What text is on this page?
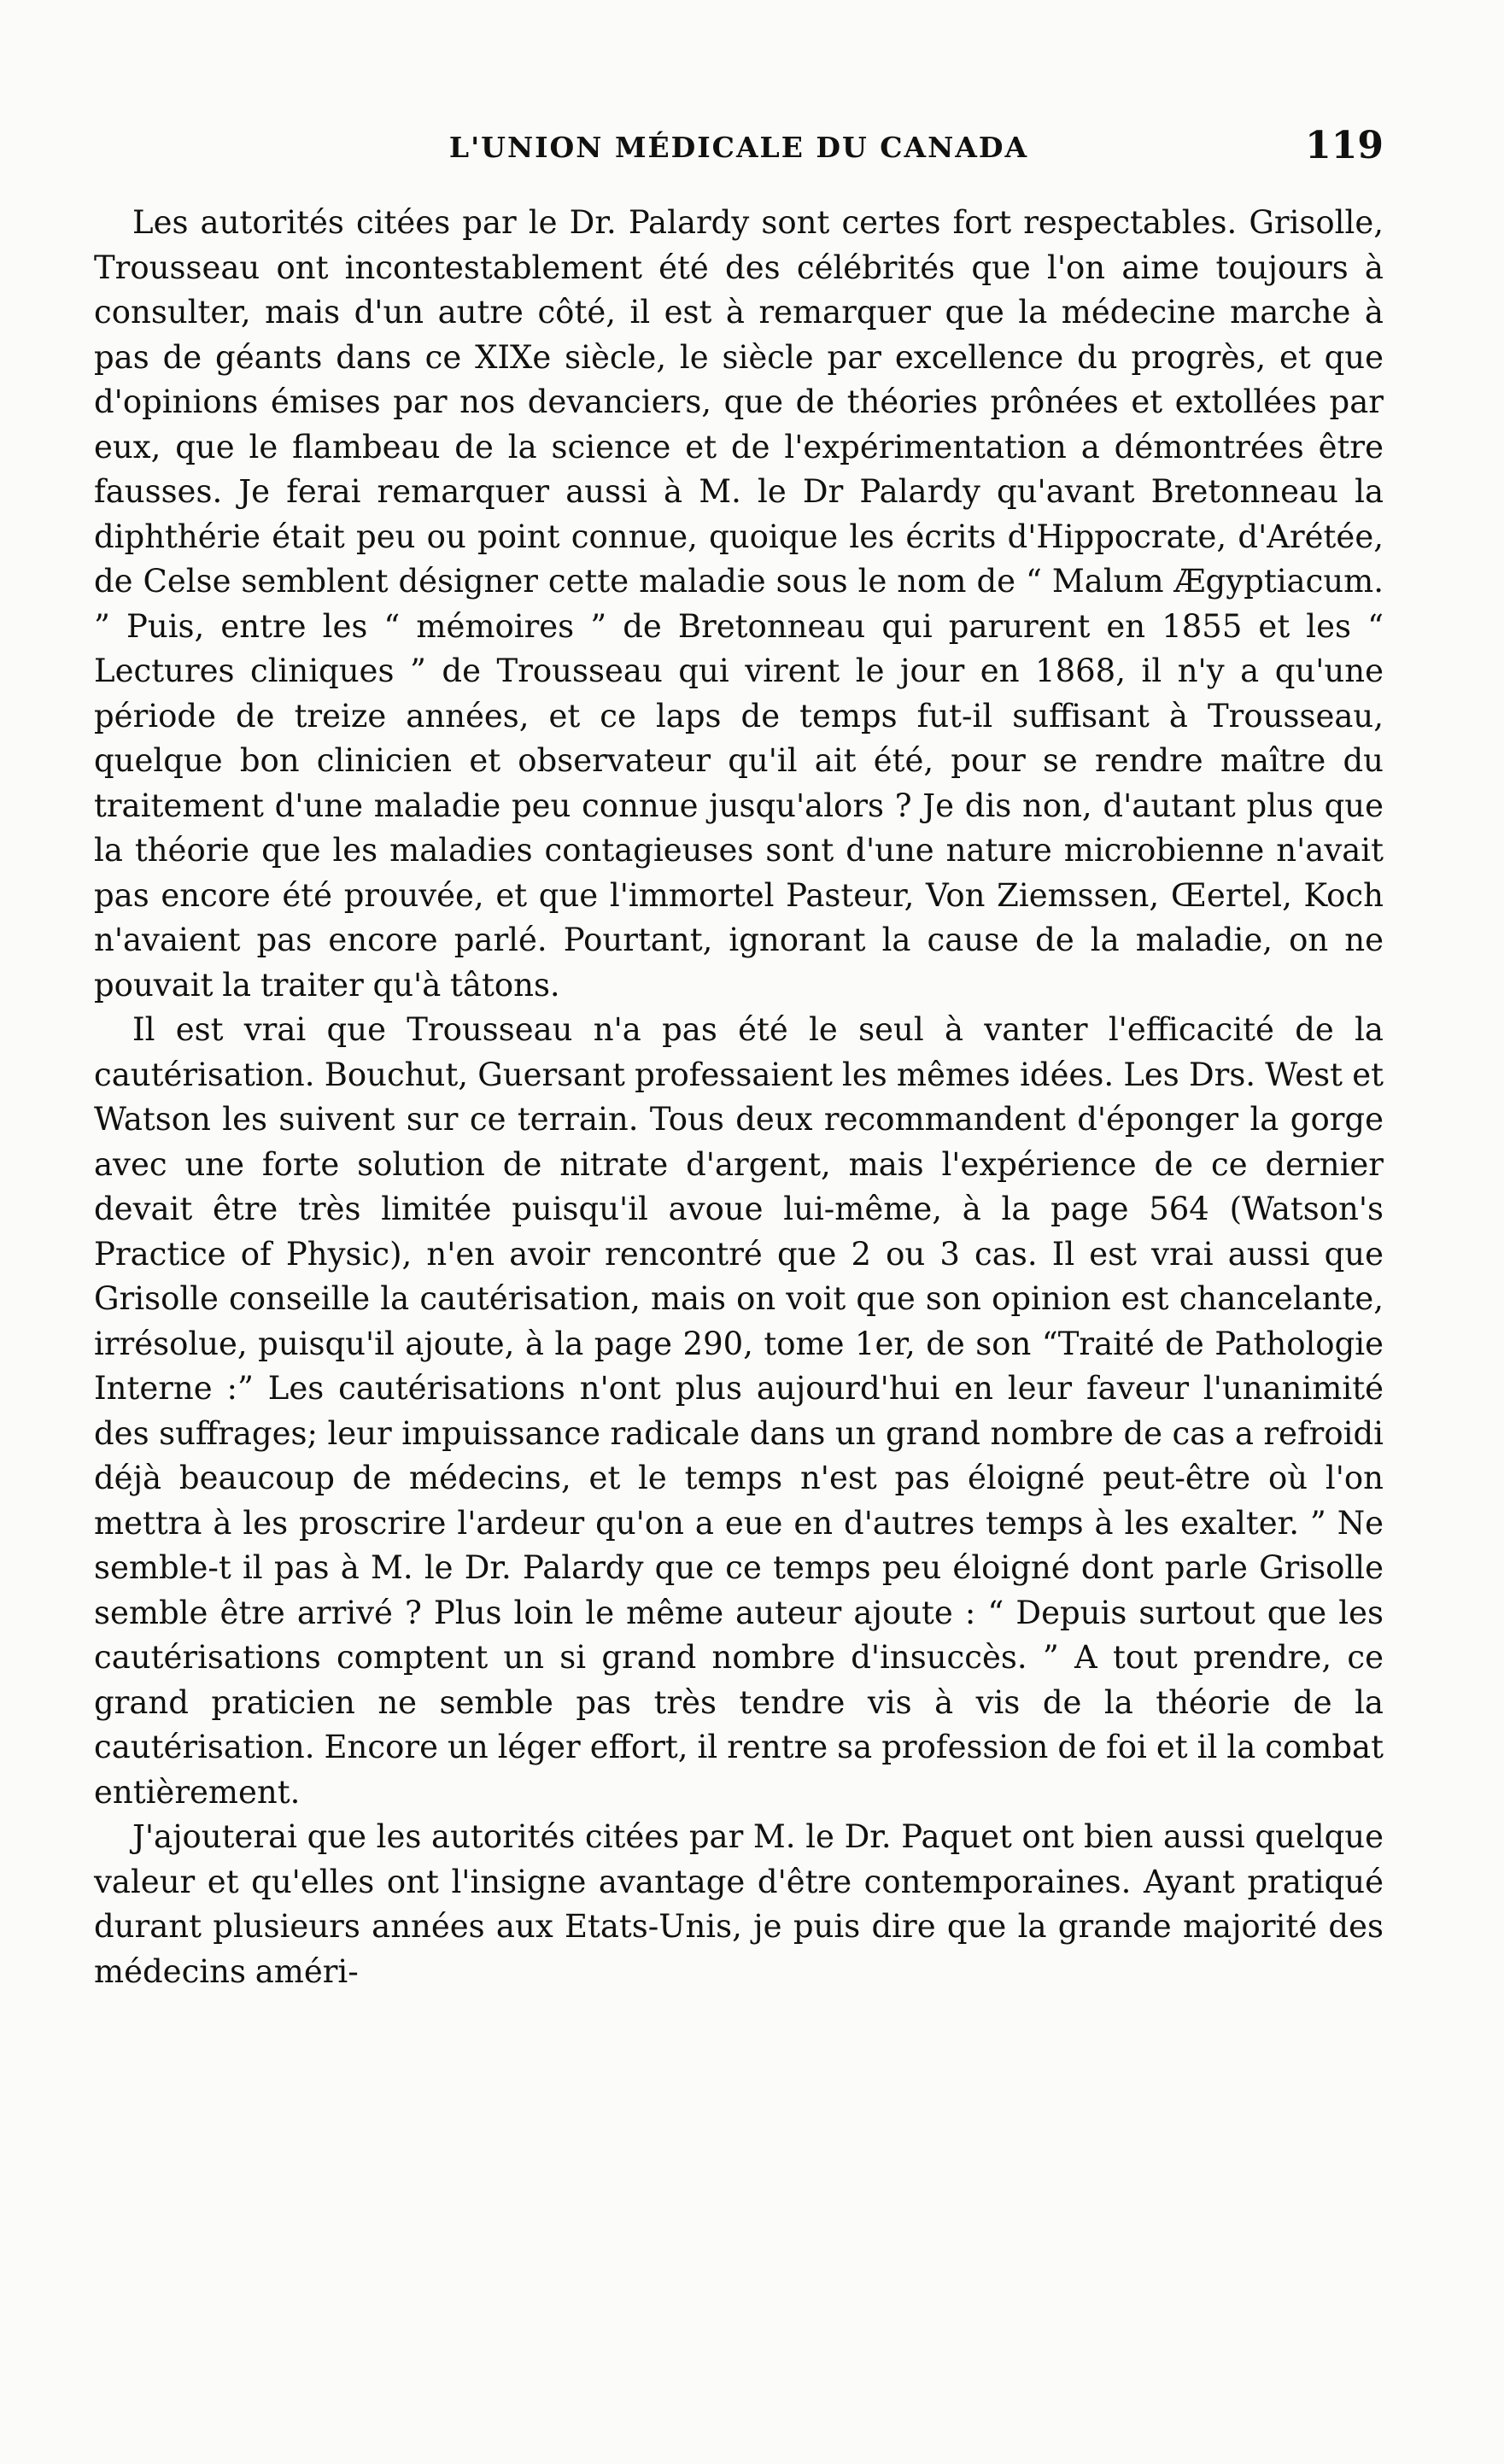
L'UNION MÉDICALE DU CANADA	119

Les autorités citées par le Dr. Palardy sont certes fort respectables. Grisolle, Trousseau ont incontestablement été des célébrités que l'on aime toujours à consulter, mais d'un autre côté, il est à remarquer que la médecine marche à pas de géants dans ce XIXe siècle, le siècle par excellence du progrès, et que d'opinions émises par nos devanciers, que de théories prônées et extollées par eux, que le flambeau de la science et de l'expérimentation a démontrées être fausses. Je ferai remarquer aussi à M. le Dr Palardy qu'avant Bretonneau la diphthérie était peu ou point connue, quoique les écrits d'Hippocrate, d'Arétée, de Celse semblent désigner cette maladie sous le nom de “ Malum Ægyptiacum. ” Puis, entre les “ mémoires ” de Bretonneau qui parurent en 1855 et les “ Lectures cliniques ” de Trousseau qui virent le jour en 1868, il n'y a qu'une période de treize années, et ce laps de temps fut-il suffisant à Trousseau, quelque bon clinicien et observateur qu'il ait été, pour se rendre maître du traitement d'une maladie peu connue jusqu'alors ? Je dis non, d'autant plus que la théorie que les maladies contagieuses sont d'une nature microbienne n'avait pas encore été prouvée, et que l'immortel Pasteur, Von Ziemssen, Œertel, Koch n'avaient pas encore parlé. Pourtant, ignorant la cause de la maladie, on ne pouvait la traiter qu'à tâtons.

Il est vrai que Trousseau n'a pas été le seul à vanter l'efficacité de la cautérisation. Bouchut, Guersant professaient les mêmes idées. Les Drs. West et Watson les suivent sur ce terrain. Tous deux recommandent d'éponger la gorge avec une forte solution de nitrate d'argent, mais l'expérience de ce dernier devait être très limitée puisqu'il avoue lui-même, à la page 564 (Watson's Practice of Physic), n'en avoir rencontré que 2 ou 3 cas. Il est vrai aussi que Grisolle conseille la cautérisation, mais on voit que son opinion est chancelante, irrésolue, puisqu'il ajoute, à la page 290, tome 1er, de son “Traité de Pathologie Interne :” Les cautérisations n'ont plus aujourd'hui en leur faveur l'unanimité des suffrages; leur impuissance radicale dans un grand nombre de cas a refroidi déjà beaucoup de médecins, et le temps n'est pas éloigné peut-être où l'on mettra à les proscrire l'ardeur qu'on a eue en d'autres temps à les exalter. ” Ne semble-t il pas à M. le Dr. Palardy que ce temps peu éloigné dont parle Grisolle semble être arrivé ? Plus loin le même auteur ajoute : “ Depuis surtout que les cautérisations comptent un si grand nombre d'insuccès. ” A tout prendre, ce grand praticien ne semble pas très tendre vis à vis de la théorie de la cautérisation. Encore un léger effort, il rentre sa profession de foi et il la combat entièrement.

J'ajouterai que les autorités citées par M. le Dr. Paquet ont bien aussi quelque valeur et qu'elles ont l'insigne avantage d'être contemporaines. Ayant pratiqué durant plusieurs années aux Etats-Unis, je puis dire que la grande majorité des médecins améri-
